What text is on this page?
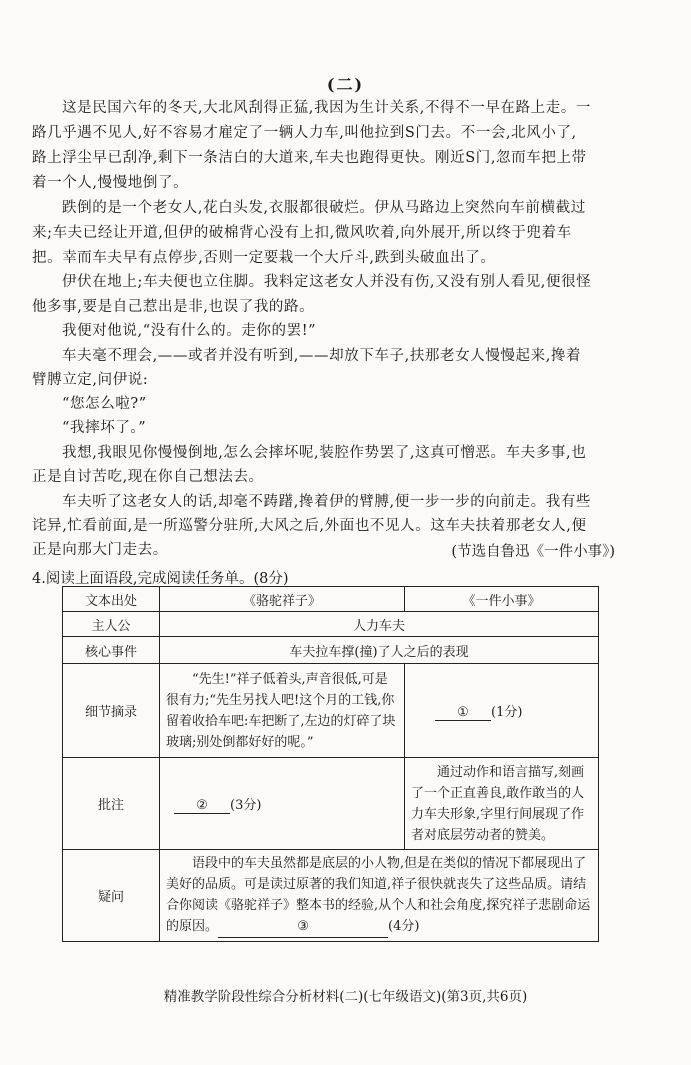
(二)
这是民国六年的冬天,大北风刮得正猛,我因为生计关系,不得不一早在路上走。一
路几乎遇不见人,好不容易才雇定了一辆人力车,叫他拉到S门去。不一会,北风小了,
路上浮尘早已刮净,剩下一条洁白的大道来,车夫也跑得更快。刚近S门,忽而车把上带
着一个人,慢慢地倒了。
跌倒的是一个老女人,花白头发,衣服都很破烂。伊从马路边上突然向车前横截过
来;车夫已经让开道,但伊的破棉背心没有上扣,微风吹着,向外展开,所以终于兜着车
把。幸而车夫早有点停步,否则一定要栽一个大斤斗,跌到头破血出了。
伊伏在地上;车夫便也立住脚。我料定这老女人并没有伤,又没有别人看见,便很怪
他多事,要是自己惹出是非,也误了我的路。
我便对他说,“没有什么的。走你的罢!”
车夫毫不理会,——或者并没有听到,——却放下车子,扶那老女人慢慢起来,搀着
臂膊立定,问伊说:
“您怎么啦?”
“我摔坏了。”
我想,我眼见你慢慢倒地,怎么会摔坏呢,装腔作势罢了,这真可憎恶。车夫多事,也
正是自讨苦吃,现在你自己想法去。
车夫听了这老女人的话,却毫不踌躇,搀着伊的臂膊,便一步一步的向前走。我有些
诧异,忙看前面,是一所巡警分驻所,大风之后,外面也不见人。这车夫扶着那老女人,便
正是向那大门走去。	(节选自鲁迅《一件小事》)
4.阅读上面语段,完成阅读任务单。(8分)
文本出处	《骆驼祥子》	《一件小事》
主人公	人力车夫	
核心事件	车夫拉车撑(撞)了人之后的表现	
细节摘录	“先生!”祥子低着头,声音很低,可是很有力;“先生另找人吧!这个月的工钱,你留着收拾车吧:车把断了,左边的灯碎了块玻璃;别处倒都好好的呢。”	① (1分)
批注	② (3分)	通过动作和语言描写,刻画了一个正直善良,敢作敢当的人力车夫形象,字里行间展现了作者对底层劳动者的赞美。
疑问	语段中的车夫虽然都是底层的小人物,但是在类似的情况下都展现出了美好的品质。可是读过原著的我们知道,祥子很快就丧失了这些品质。请结合你阅读《骆驼祥子》整本书的经验,从个人和社会角度,探究祥子悲剧命运的原因。 ③ (4分)	
精准教学阶段性综合分析材料(二)(七年级语文)(第3页,共6页)
